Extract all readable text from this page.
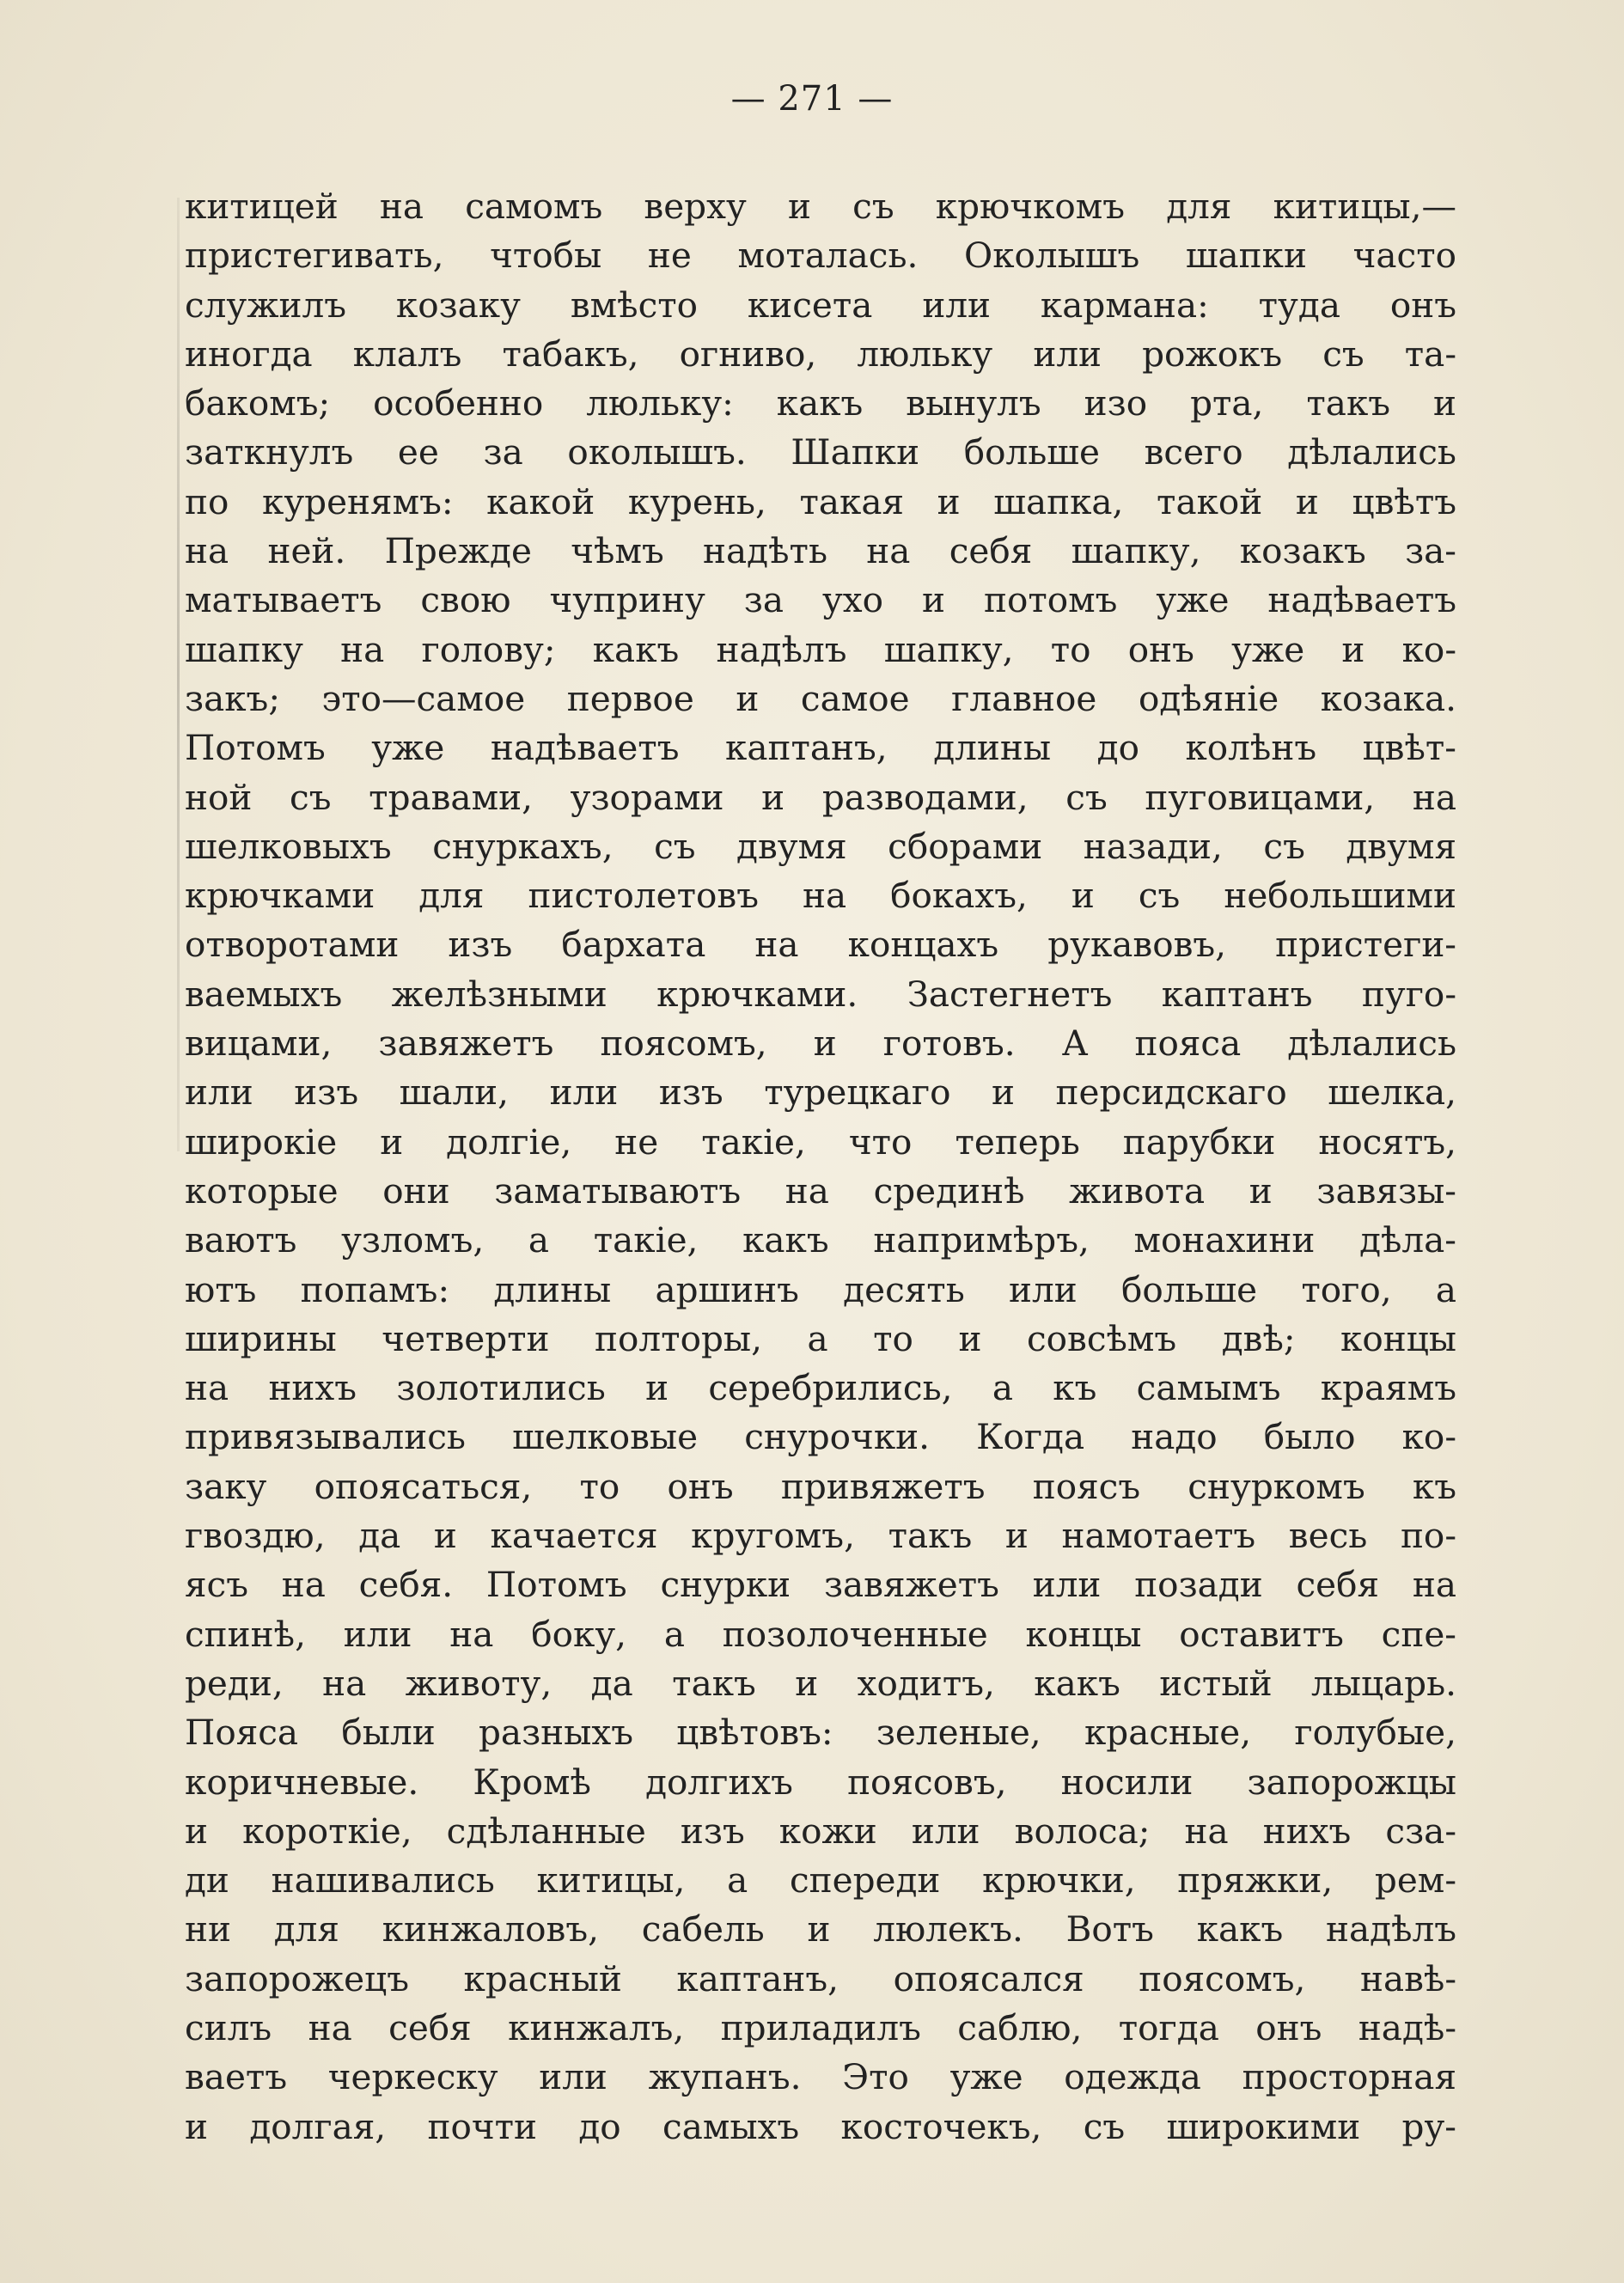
— 271 —
китицей на самомъ верху и съ крючкомъ для китицы,—
пристегивать, чтобы не моталась. Околышъ шапки часто
служилъ козаку вмѣсто кисета или кармана: туда онъ
иногда клалъ табакъ, огниво, люльку или рожокъ съ та-
бакомъ; особенно люльку: какъ вынулъ изо рта, такъ и
заткнулъ ее за околышъ. Шапки больше всего дѣлались
по куренямъ: какой курень, такая и шапка, такой и цвѣтъ
на ней. Прежде чѣмъ надѣть на себя шапку, козакъ за-
матываетъ свою чуприну за ухо и потомъ уже надѣваетъ
шапку на голову; какъ надѣлъ шапку, то онъ уже и ко-
закъ; это—самое первое и самое главное одѣяніе козака.
Потомъ уже надѣваетъ каптанъ, длины до колѣнъ цвѣт-
ной съ травами, узорами и разводами, съ пуговицами, на
шелковыхъ снуркахъ, съ двумя сборами назади, съ двумя
крючками для пистолетовъ на бокахъ, и съ небольшими
отворотами изъ бархата на концахъ рукавовъ, пристеги-
ваемыхъ желѣзными крючками. Застегнетъ каптанъ пуго-
вицами, завяжетъ поясомъ, и готовъ. А пояса дѣлались
или изъ шали, или изъ турецкаго и персидскаго шелка,
широкіе и долгіе, не такіе, что теперь парубки носятъ,
которые они заматываютъ на срединѣ живота и завязы-
ваютъ узломъ, а такіе, какъ напримѣръ, монахини дѣла-
ютъ попамъ: длины аршинъ десять или больше того, а
ширины четверти полторы, а то и совсѣмъ двѣ; концы
на нихъ золотились и серебрились, а къ самымъ краямъ
привязывались шелковые снурочки. Когда надо было ко-
заку опоясаться, то онъ привяжетъ поясъ снуркомъ къ
гвоздю, да и качается кругомъ, такъ и намотаетъ весь по-
ясъ на себя. Потомъ снурки завяжетъ или позади себя на
спинѣ, или на боку, а позолоченные концы оставитъ спе-
реди, на животу, да такъ и ходитъ, какъ истый лыцарь.
Пояса были разныхъ цвѣтовъ: зеленые, красные, голубые,
коричневые. Кромѣ долгихъ поясовъ, носили запорожцы
и короткіе, сдѣланные изъ кожи или волоса; на нихъ сза-
ди нашивались китицы, а спереди крючки, пряжки, рем-
ни для кинжаловъ, сабель и люлекъ. Вотъ какъ надѣлъ
запорожецъ красный каптанъ, опоясался поясомъ, навѣ-
силъ на себя кинжалъ, приладилъ саблю, тогда онъ надѣ-
ваетъ черкеску или жупанъ. Это уже одежда просторная
и долгая, почти до самыхъ косточекъ, съ широкими ру-
